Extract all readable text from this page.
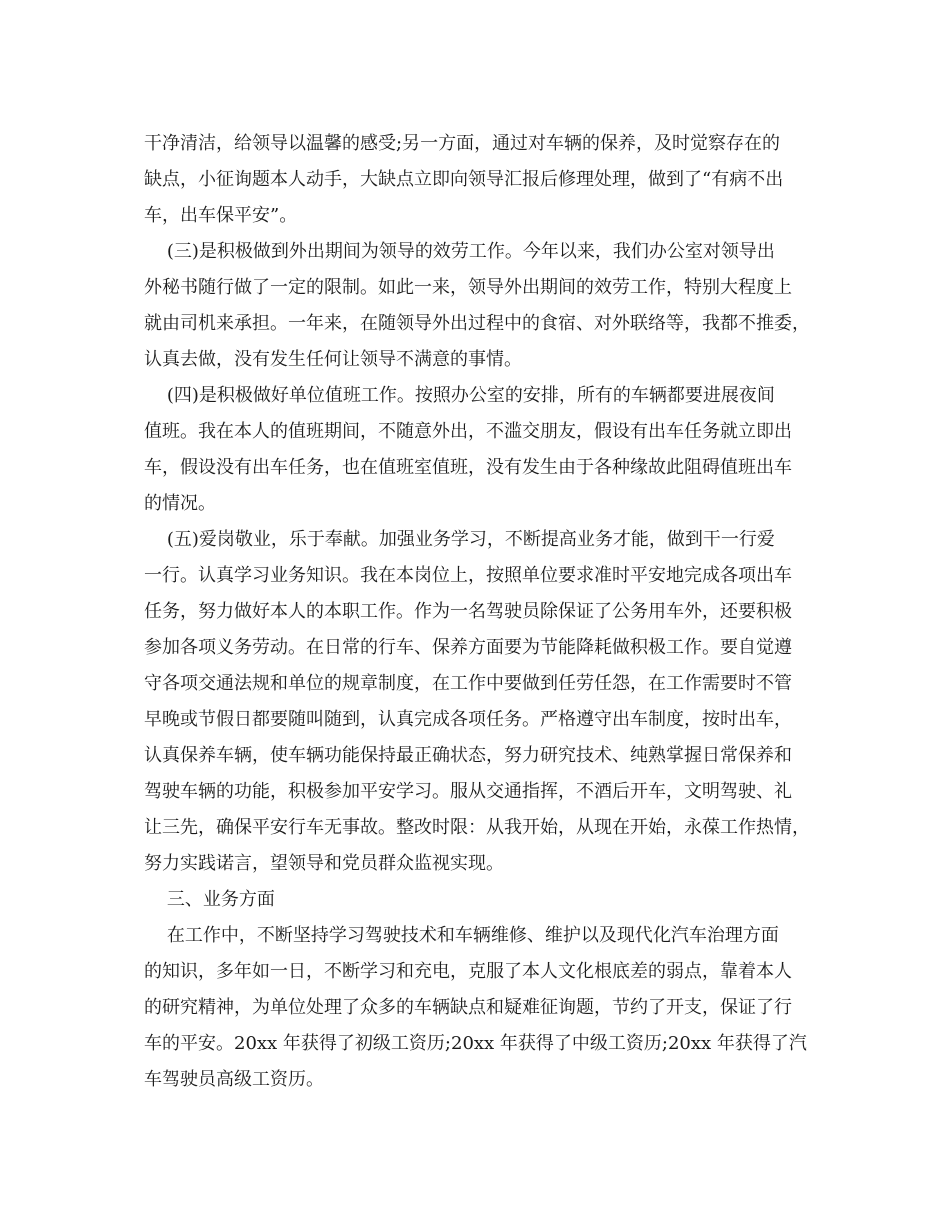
干净清洁，给领导以温馨的感受;另一方面，通过对车辆的保养，及时觉察存在的
缺点，小征询题本人动手，大缺点立即向领导汇报后修理处理，做到了“有病不出
车，出车保平安”。
(三)是积极做到外出期间为领导的效劳工作。今年以来，我们办公室对领导出
外秘书随行做了一定的限制。如此一来，领导外出期间的效劳工作，特别大程度上
就由司机来承担。一年来，在随领导外出过程中的食宿、对外联络等，我都不推委，
认真去做，没有发生任何让领导不满意的事情。
(四)是积极做好单位值班工作。按照办公室的安排，所有的车辆都要进展夜间
值班。我在本人的值班期间，不随意外出，不滥交朋友，假设有出车任务就立即出
车，假设没有出车任务，也在值班室值班，没有发生由于各种缘故此阻碍值班出车
的情况。
(五)爱岗敬业，乐于奉献。加强业务学习，不断提高业务才能，做到干一行爱
一行。认真学习业务知识。我在本岗位上，按照单位要求准时平安地完成各项出车
任务，努力做好本人的本职工作。作为一名驾驶员除保证了公务用车外，还要积极
参加各项义务劳动。在日常的行车、保养方面要为节能降耗做积极工作。要自觉遵
守各项交通法规和单位的规章制度，在工作中要做到任劳任怨，在工作需要时不管
早晚或节假日都要随叫随到，认真完成各项任务。严格遵守出车制度，按时出车，
认真保养车辆，使车辆功能保持最正确状态，努力研究技术、纯熟掌握日常保养和
驾驶车辆的功能，积极参加平安学习。服从交通指挥，不酒后开车，文明驾驶、礼
让三先，确保平安行车无事故。整改时限：从我开始，从现在开始，永葆工作热情，
努力实践诺言，望领导和党员群众监视实现。
三、业务方面
在工作中，不断坚持学习驾驶技术和车辆维修、维护以及现代化汽车治理方面
的知识，多年如一日，不断学习和充电，克服了本人文化根底差的弱点，靠着本人
的研究精神，为单位处理了众多的车辆缺点和疑难征询题，节约了开支，保证了行
车的平安。20xx 年获得了初级工资历;20xx 年获得了中级工资历;20xx 年获得了汽
车驾驶员高级工资历。
